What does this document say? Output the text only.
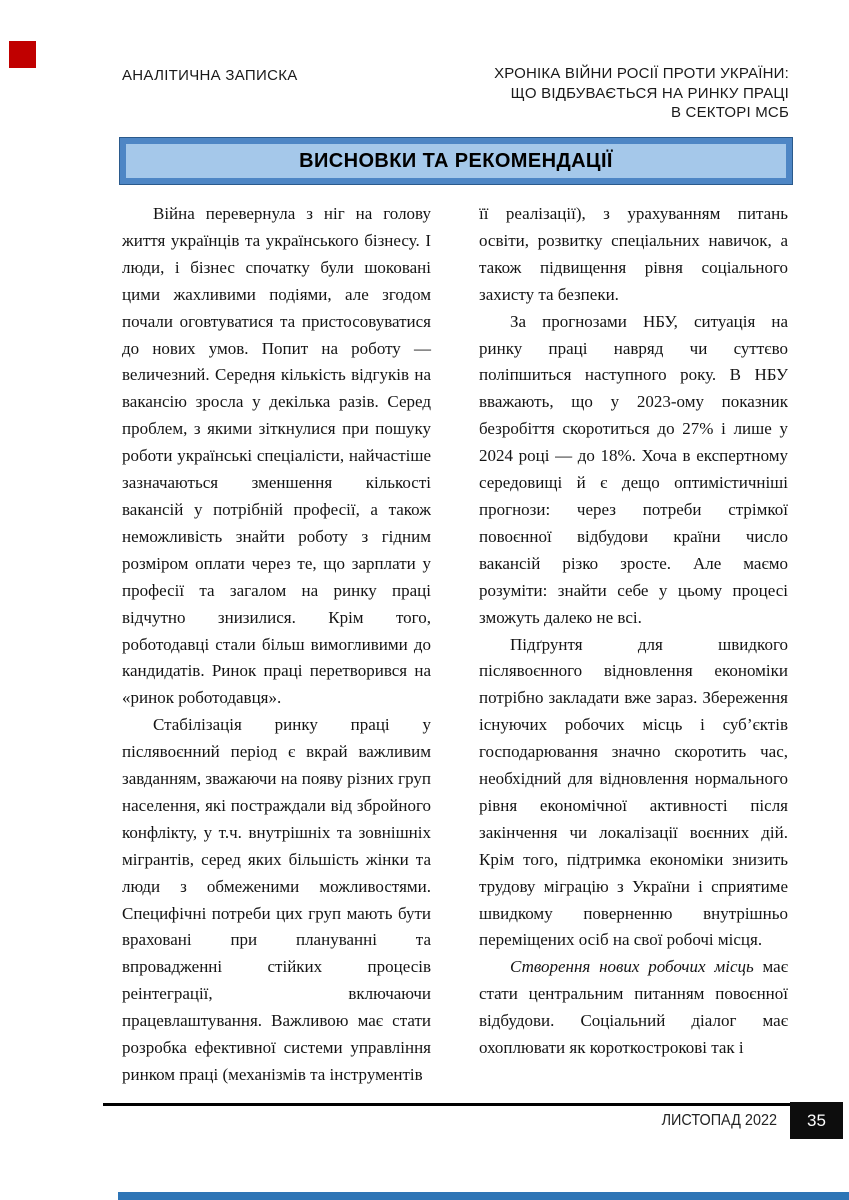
АНАЛІТИЧНА ЗАПИСКА	ХРОНІКА ВІЙНИ РОСІЇ ПРОТИ УКРАЇНИ:
ЩО ВІДБУВАЄТЬСЯ НА РИНКУ ПРАЦІ
В СЕКТОРІ МСБ
ВИСНОВКИ ТА РЕКОМЕНДАЦІЇ

Війна перевернула з ніг на голову життя українців та українського бізнесу. І люди, і бізнес спочатку були шоковані цими жахливими подіями, але згодом почали оговтуватися та пристосовуватися до нових умов. Попит на роботу — величезний. Середня кількість відгуків на вакансію зросла у декілька разів. Серед проблем, з якими зіткнулися при пошуку роботи українські спеціалісти, найчастіше зазначаються зменшення кількості вакансій у потрібній професії, а також неможливість знайти роботу з гідним розміром оплати через те, що зарплати у професії та загалом на ринку праці відчутно знизилися. Крім того, роботодавці стали більш вимогливими до кандидатів. Ринок праці перетворився на «ринок роботодавця».

Стабілізація ринку праці у післявоєнний період є вкрай важливим завданням, зважаючи на появу різних груп населення, які постраждали від збройного конфлікту, у т.ч. внутрішніх та зовнішніх мігрантів, серед яких більшість жінки та люди з обмеженими можливостями. Специфічні потреби цих груп мають бути враховані при плануванні та впровадженні стійких процесів реінтеграції, включаючи працевлаштування. Важливою має стати розробка ефективної системи управління ринком праці (механізмів та інструментів

її реалізації), з урахуванням питань освіти, розвитку спеціальних навичок, а також підвищення рівня соціального захисту та безпеки.

За прогнозами НБУ, ситуація на ринку праці навряд чи суттєво поліпшиться наступного року. В НБУ вважають, що у 2023-ому показник безробіття скоротиться до 27% і лише у 2024 році — до 18%. Хоча в експертному середовищі й є дещо оптимістичніші прогнози: через потреби стрімкої повоєнної відбудови країни число вакансій різко зросте. Але маємо розуміти: знайти себе у цьому процесі зможуть далеко не всі.

Підґрунтя для швидкого післявоєнного відновлення економіки потрібно закладати вже зараз. Збереження існуючих робочих місць і суб’єктів господарювання значно скоротить час, необхідний для відновлення нормального рівня економічної активності після закінчення чи локалізації воєнних дій. Крім того, підтримка економіки знизить трудову міграцію з України і сприятиме швидкому поверненню внутрішньо переміщених осіб на свої робочі місця.

Створення нових робочих місць має стати центральним питанням повоєнної відбудови. Соціальний діалог має охоплювати як короткострокові так і

ЛИСТОПАД 2022 35
